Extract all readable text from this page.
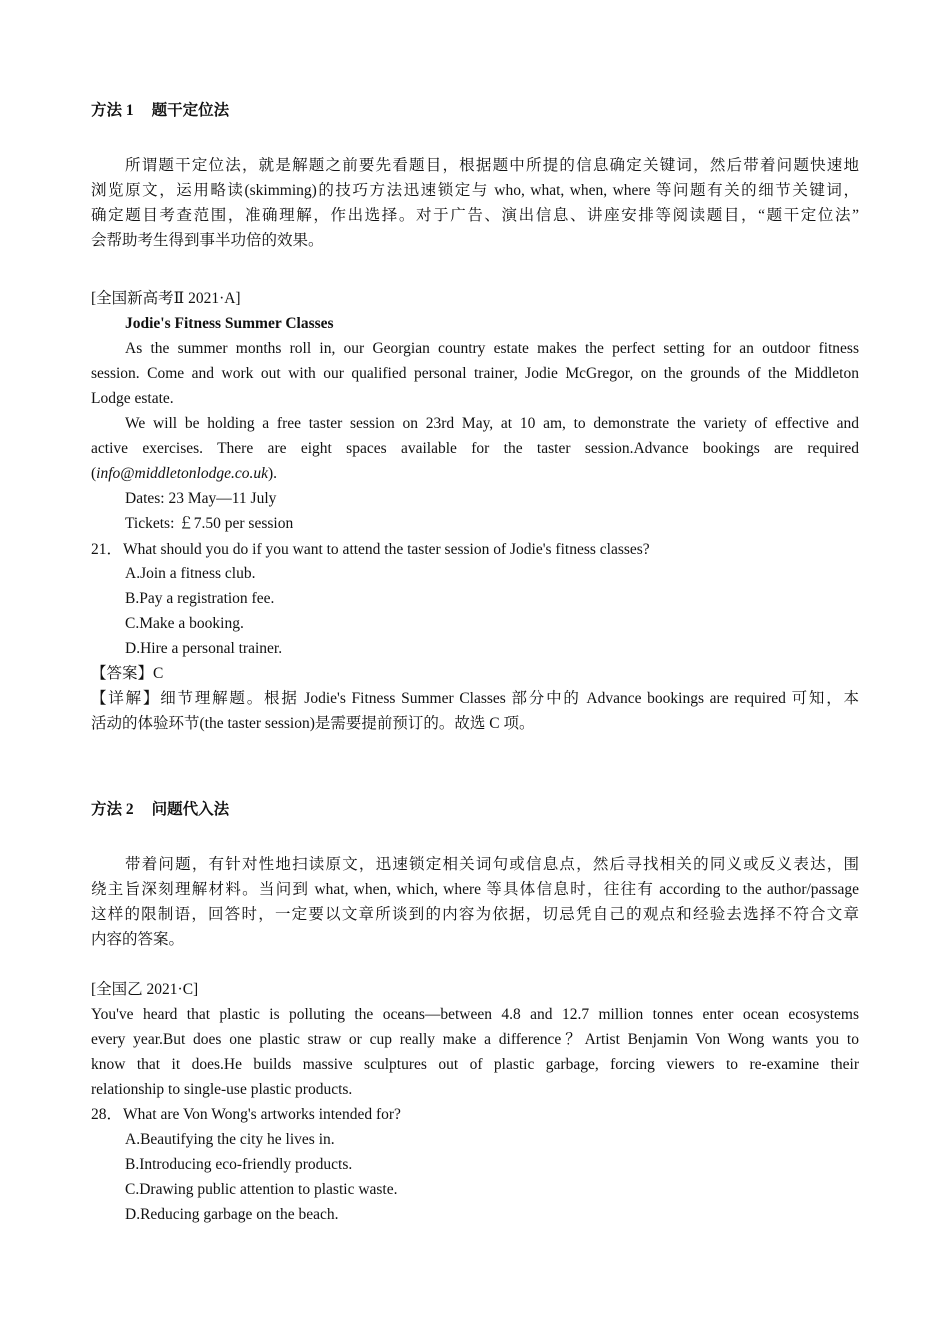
方法 1 题干定位法
所谓题干定位法，就是解题之前要先看题目，根据题中所提的信息确定关键词，然后带着问题快速地
浏览原文，运用略读(skimming)的技巧方法迅速锁定与 who, what, when, where 等问题有关的细节关键词，
确定题目考查范围，准确理解，作出选择。对于广告、演出信息、讲座安排等阅读题目，“题干定位法”
会帮助考生得到事半功倍的效果。
[全国新高考Ⅱ 2021·A]
Jodie's Fitness Summer Classes
As the summer months roll in, our Georgian country estate makes the perfect setting for an outdoor fitness
session. Come and work out with our qualified personal trainer, Jodie McGregor, on the grounds of the Middleton
Lodge estate.
We will be holding a free taster session on 23rd May, at 10 am, to demonstrate the variety of effective and
active exercises. There are eight spaces available for the taster session.Advance bookings are required
(info@middletonlodge.co.uk).
Dates: 23 May—11 July
Tickets: ￡7.50 per session
21．What should you do if you want to attend the taster session of Jodie's fitness classes?
A.Join a fitness club.
B.Pay a registration fee.
C.Make a booking.
D.Hire a personal trainer.
【答案】C
【详解】细节理解题。根据 Jodie's Fitness Summer Classes 部分中的 Advance bookings are required 可知，本
活动的体验环节(the taster session)是需要提前预订的。故选 C 项。
方法 2 问题代入法
带着问题，有针对性地扫读原文，迅速锁定相关词句或信息点，然后寻找相关的同义或反义表达，围
绕主旨深刻理解材料。当问到 what, when, which, where 等具体信息时，往往有 according to the author/passage
这样的限制语，回答时，一定要以文章所谈到的内容为依据，切忌凭自己的观点和经验去选择不符合文章
内容的答案。
[全国乙 2021·C]
You've heard that plastic is polluting the oceans—between 4.8 and 12.7 million tonnes enter ocean ecosystems
every year.But does one plastic straw or cup really make a difference？Artist Benjamin Von Wong wants you to
know that it does.He builds massive sculptures out of plastic garbage, forcing viewers to re-examine their
relationship to single-use plastic products.
28．What are Von Wong's artworks intended for?
A.Beautifying the city he lives in.
B.Introducing eco-friendly products.
C.Drawing public attention to plastic waste.
D.Reducing garbage on the beach.
